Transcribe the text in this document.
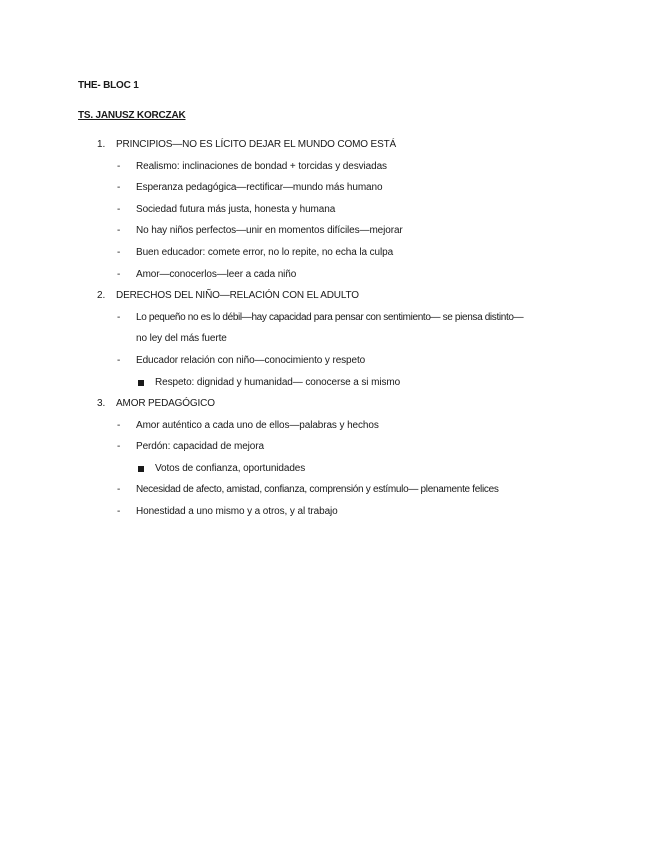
THE- BLOC 1
TS. JANUSZ KORCZAK
1. PRINCIPIOS—NO ES LÍCITO DEJAR EL MUNDO COMO ESTÁ
- Realismo: inclinaciones de bondad + torcidas y desviadas
- Esperanza pedagógica—rectificar—mundo más humano
- Sociedad futura más justa, honesta y humana
- No hay niños perfectos—unir en momentos difíciles—mejorar
- Buen educador: comete error, no lo repite, no echa la culpa
- Amor—conocerlos—leer a cada niño
2. DERECHOS DEL NIÑO—RELACIÓN CON EL ADULTO
- Lo pequeño no es lo débil—hay capacidad para pensar con sentimiento— se piensa distinto—
no ley del más fuerte
- Educador relación con niño—conocimiento y respeto
Respeto: dignidad y humanidad— conocerse a si mismo
3. AMOR PEDAGÓGICO
- Amor auténtico a cada uno de ellos—palabras y hechos
- Perdón: capacidad de mejora
Votos de confianza, oportunidades
- Necesidad de afecto, amistad, confianza, comprensión y estímulo— plenamente felices
- Honestidad a uno mismo y a otros, y al trabajo
